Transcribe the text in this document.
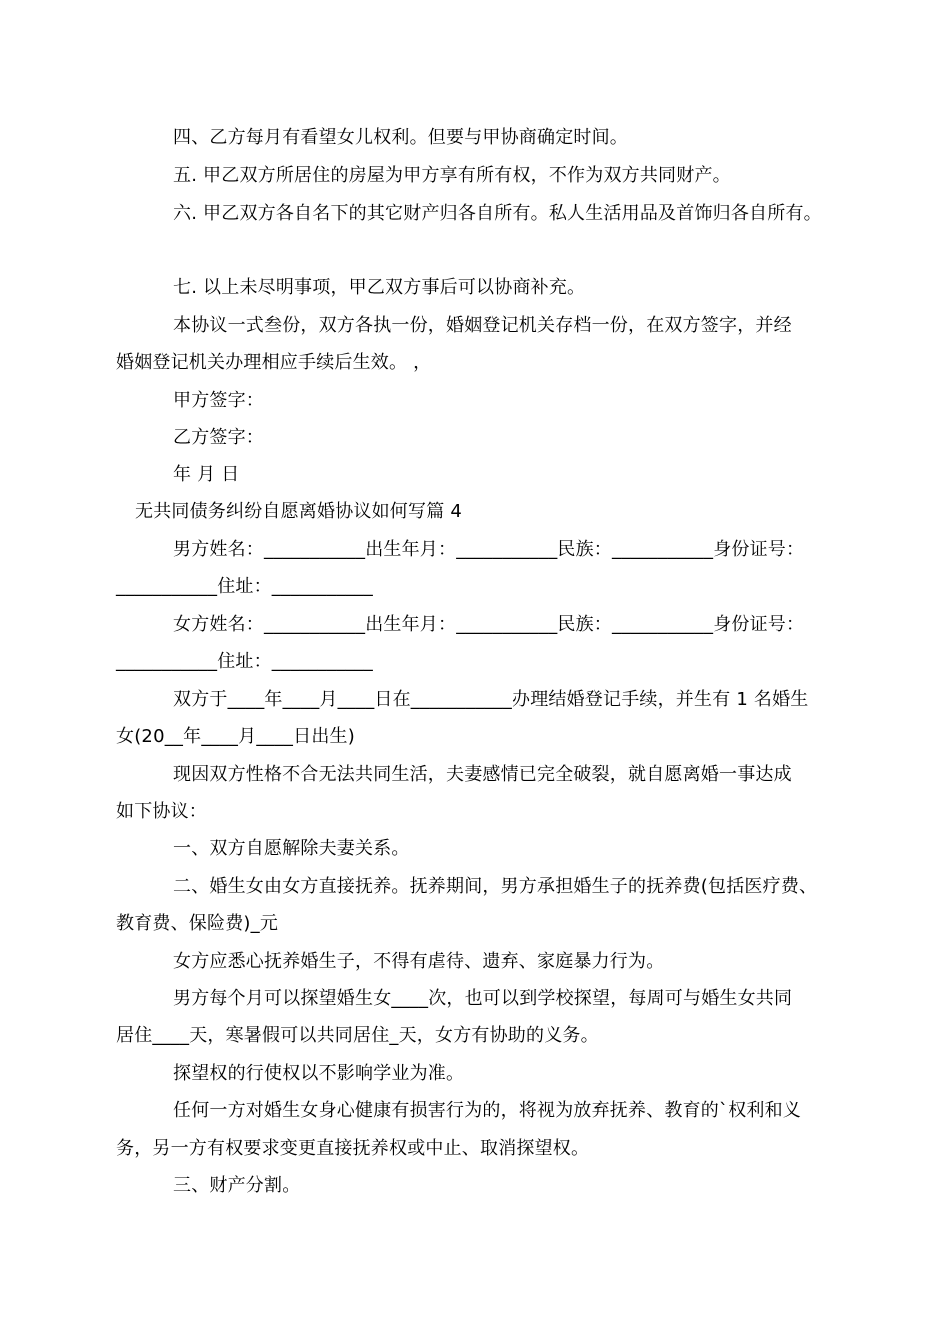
四、乙方每月有看望女儿权利。但要与甲协商确定时间。
五. 甲乙双方所居住的房屋为甲方享有所有权，不作为双方共同财产。
六. 甲乙双方各自名下的其它财产归各自所有。私人生活用品及首饰归各自所有。
七. 以上未尽明事项，甲乙双方事后可以协商补充。
本协议一式叁份，双方各执一份，婚姻登记机关存档一份，在双方签字，并经
婚姻登记机关办理相应手续后生效。 ，
甲方签字：
乙方签字：
年 月 日
无共同债务纠纷自愿离婚协议如何写篇 4
男方姓名：___________出生年月：___________民族：___________身份证号：
___________住址：___________
女方姓名：___________出生年月：___________民族：___________身份证号：
___________住址：___________
双方于____年____月____日在___________办理结婚登记手续，并生有 1 名婚生
女(20__年____月____日出生)
现因双方性格不合无法共同生活，夫妻感情已完全破裂，就自愿离婚一事达成
如下协议：
一、双方自愿解除夫妻关系。
二、婚生女由女方直接抚养。抚养期间，男方承担婚生子的抚养费(包括医疗费、
教育费、保险费)_元
女方应悉心抚养婚生子，不得有虐待、遗弃、家庭暴力行为。
男方每个月可以探望婚生女____次，也可以到学校探望，每周可与婚生女共同
居住____天，寒暑假可以共同居住_天，女方有协助的义务。
探望权的行使权以不影响学业为准。
任何一方对婚生女身心健康有损害行为的，将视为放弃抚养、教育的`权利和义
务，另一方有权要求变更直接抚养权或中止、取消探望权。
三、财产分割。
